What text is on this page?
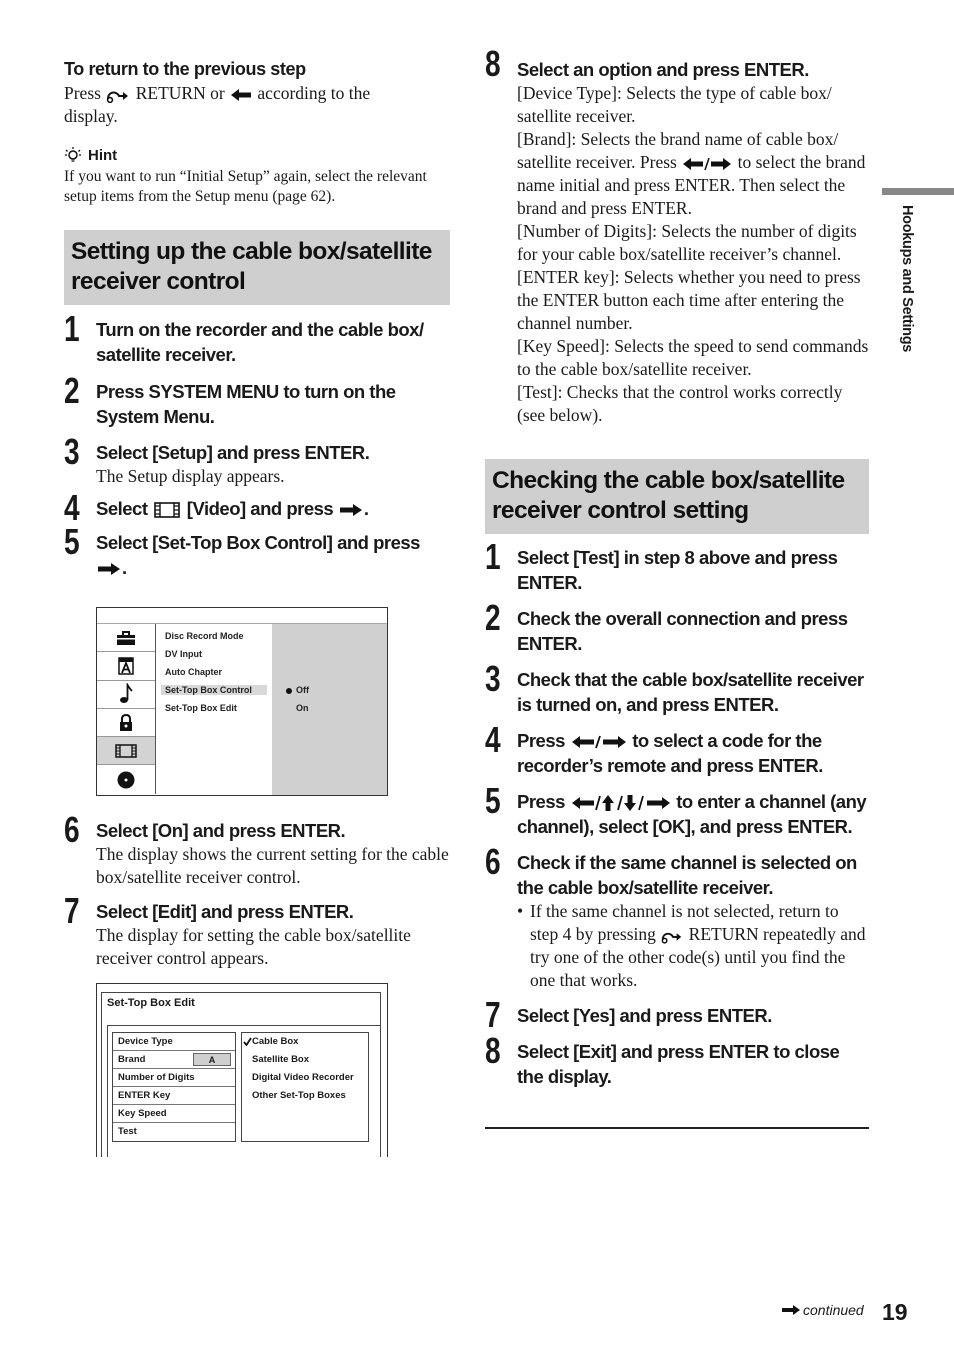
To return to the previous step
Press RETURN or according to the
display.
Hint
If you want to run “Initial Setup” again, select the relevant setup items from the Setup menu (page 62).
Setting up the cable box/satellite receiver control
1 Turn on the recorder and the cable box/ satellite receiver.
2 Press SYSTEM MENU to turn on the System Menu.
3 Select [Setup] and press ENTER.
The Setup display appears.
4 Select [Video] and press .
5 Select [Set-Top Box Control] and press
.
Disc Record Mode
DV Input
Auto Chapter
Set-Top Box Control
Set-Top Box Edit
Off
On
6 Select [On] and press ENTER.
The display shows the current setting for the cable box/satellite receiver control.
7 Select [Edit] and press ENTER.
The display for setting the cable box/satellite receiver control appears.
Set-Top Box Edit
Device Type
Brand	A
Number of Digits
ENTER Key
Key Speed
Test
Cable Box
Satellite Box
Digital Video Recorder
Other Set-Top Boxes
8 Select an option and press ENTER.
[Device Type]: Selects the type of cable box/ satellite receiver.
[Brand]: Selects the brand name of cable box/ satellite receiver. Press	to select the brand name initial and press ENTER. Then select the brand and press ENTER.
[Number of Digits]: Selects the number of digits for your cable box/satellite receiver’s channel.
[ENTER key]: Selects whether you need to press the ENTER button each time after entering the channel number.
[Key Speed]: Selects the speed to send commands to the cable box/satellite receiver.
[Test]: Checks that the control works correctly (see below).
Checking the cable box/satellite receiver control setting
1 Select [Test] in step 8 above and press ENTER.
2 Check the overall connection and press ENTER.
3 Check that the cable box/satellite receiver is turned on, and press ENTER.
4 Press	to select a code for the recorder’s remote and press ENTER.
5 Press	to enter a channel (any channel), select [OK], and press ENTER.
6 Check if the same channel is selected on the cable box/satellite receiver.
• If the same channel is not selected, return to step 4 by pressing RETURN repeatedly and try one of the other code(s) until you find the one that works.
7 Select [Yes] and press ENTER.
8 Select [Exit] and press ENTER to close the display.
Hookups and Settings
continued 19
